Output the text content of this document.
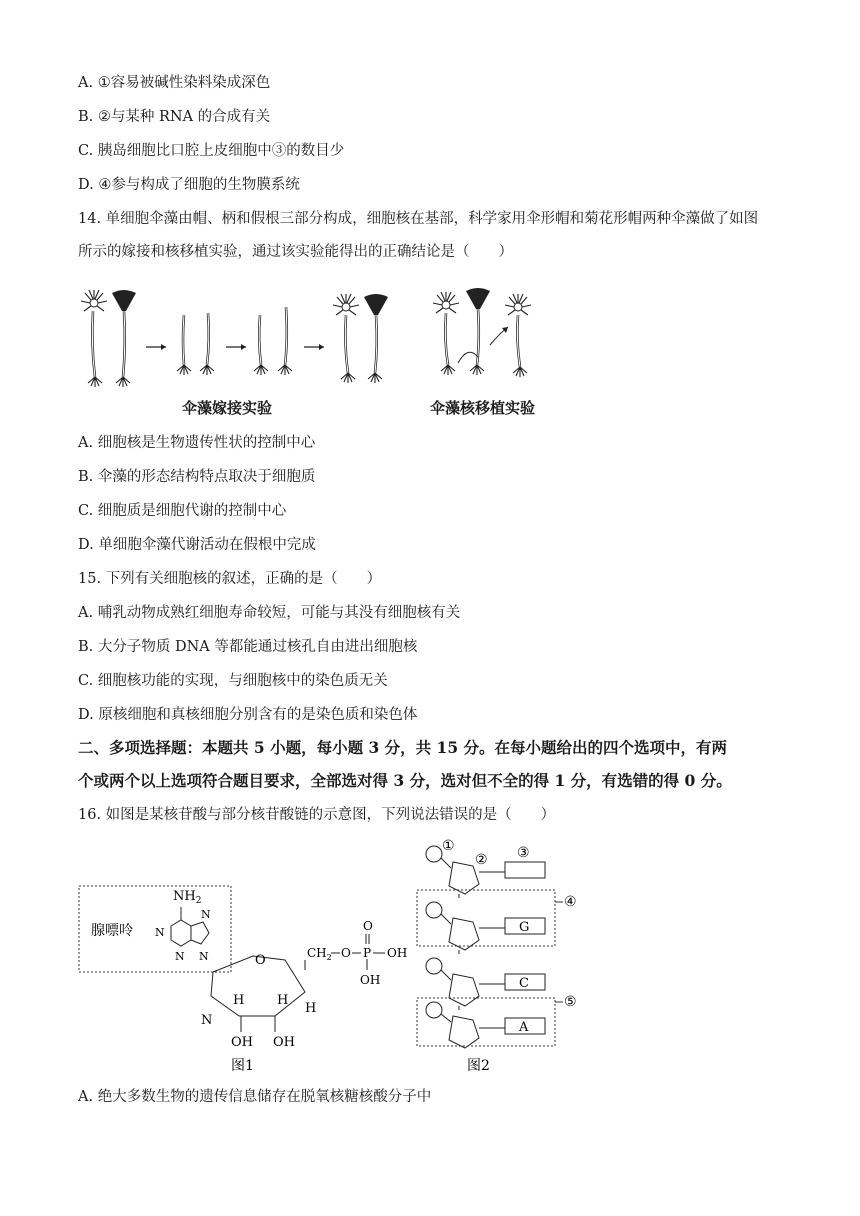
A. ①容易被碱性染料染成深色
B. ②与某种 RNA 的合成有关
C. 胰岛细胞比口腔上皮细胞中③的数目少
D. ④参与构成了细胞的生物膜系统
14. 单细胞伞藻由帽、柄和假根三部分构成，细胞核在基部，科学家用伞形帽和菊花形帽两种伞藻做了如图
所示的嫁接和核移植实验，通过该实验能得出的正确结论是（　　）
伞藻嫁接实验	伞藻核移植实验
A. 细胞核是生物遗传性状的控制中心
B. 伞藻的形态结构特点取决于细胞质
C. 细胞质是细胞代谢的控制中心
D. 单细胞伞藻代谢活动在假根中完成
15. 下列有关细胞核的叙述，正确的是（　　）
A. 哺乳动物成熟红细胞寿命较短，可能与其没有细胞核有关
B. 大分子物质 DNA 等都能通过核孔自由进出细胞核
C. 细胞核功能的实现，与细胞核中的染色质无关
D. 原核细胞和真核细胞分别含有的是染色质和染色体
二、多项选择题：本题共 5 小题，每小题 3 分，共 15 分。在每小题给出的四个选项中，有两
个或两个以上选项符合题目要求，全部选对得 3 分，选对但不全的得 1 分，有选错的得 0 分。
16. 如图是某核苷酸与部分核苷酸链的示意图，下列说法错误的是（　　）
腺嘌呤
$NH_2$
N
N
N
N	O
N
H	H
H
OH OH
$CH_2$ O P
O
OH
OH
图1
①
② ③
④
⑤
G
C
A
图2
A. 绝大多数生物的遗传信息储存在脱氧核糖核酸分子中
